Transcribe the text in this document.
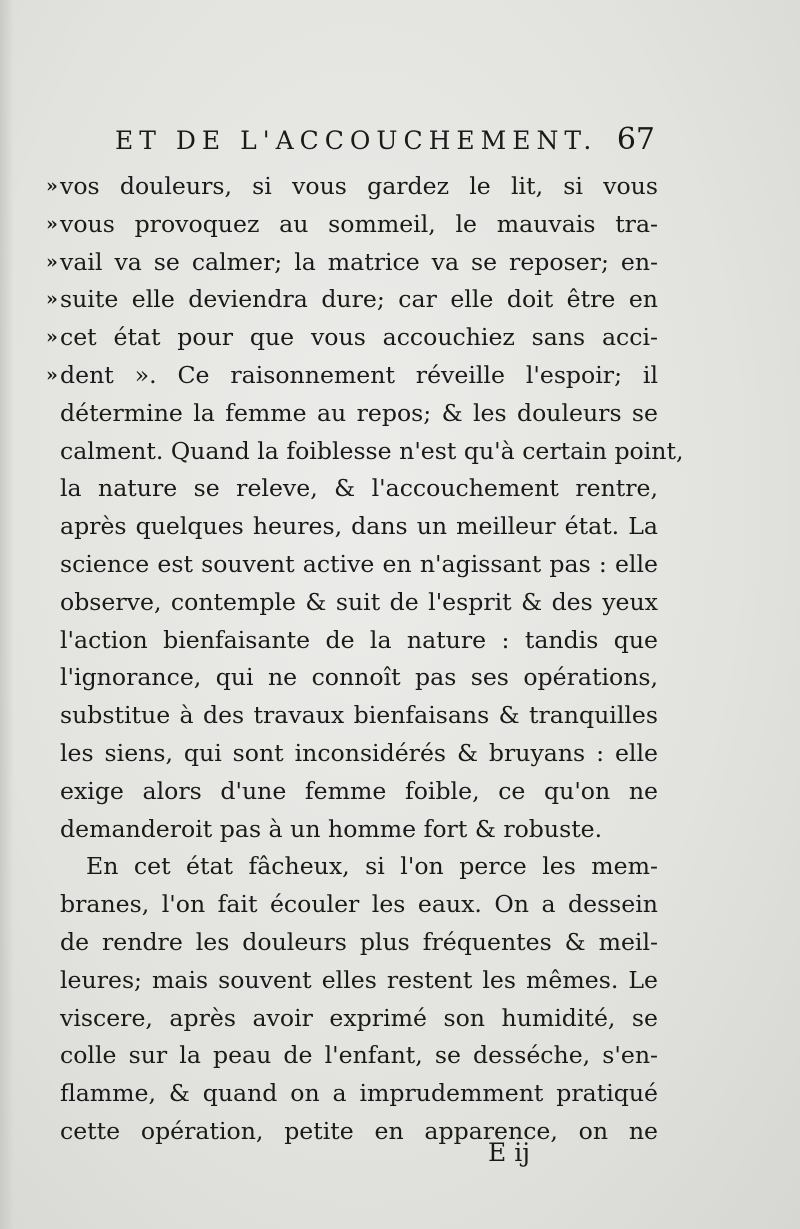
ET DE L'ACCOUCHEMENT. 67
» vos douleurs, si vous gardez le lit, si vous
» vous provoquez au sommeil, le mauvais tra-
» vail va se calmer; la matrice va se reposer; en-
» suite elle deviendra dure; car elle doit être en
» cet état pour que vous accouchiez sans acci-
» dent ». Ce raisonnement réveille l'espoir; il
détermine la femme au repos; & les douleurs se
calment. Quand la foiblesse n'est qu'à certain point,
la nature se releve, & l'accouchement rentre,
après quelques heures, dans un meilleur état. La
science est souvent active en n'agissant pas : elle
observe, contemple & suit de l'esprit & des yeux
l'action bienfaisante de la nature : tandis que
l'ignorance, qui ne connoît pas ses opérations,
substitue à des travaux bienfaisans & tranquilles
les siens, qui sont inconsidérés & bruyans : elle
exige alors d'une femme foible, ce qu'on ne
demanderoit pas à un homme fort & robuste.
En cet état fâcheux, si l'on perce les mem-
branes, l'on fait écouler les eaux. On a dessein
de rendre les douleurs plus fréquentes & meil-
leures; mais souvent elles restent les mêmes. Le
viscere, après avoir exprimé son humidité, se
colle sur la peau de l'enfant, se desséche, s'en-
flamme, & quand on a imprudemment pratiqué
cette opération, petite en apparence, on ne
E ij
